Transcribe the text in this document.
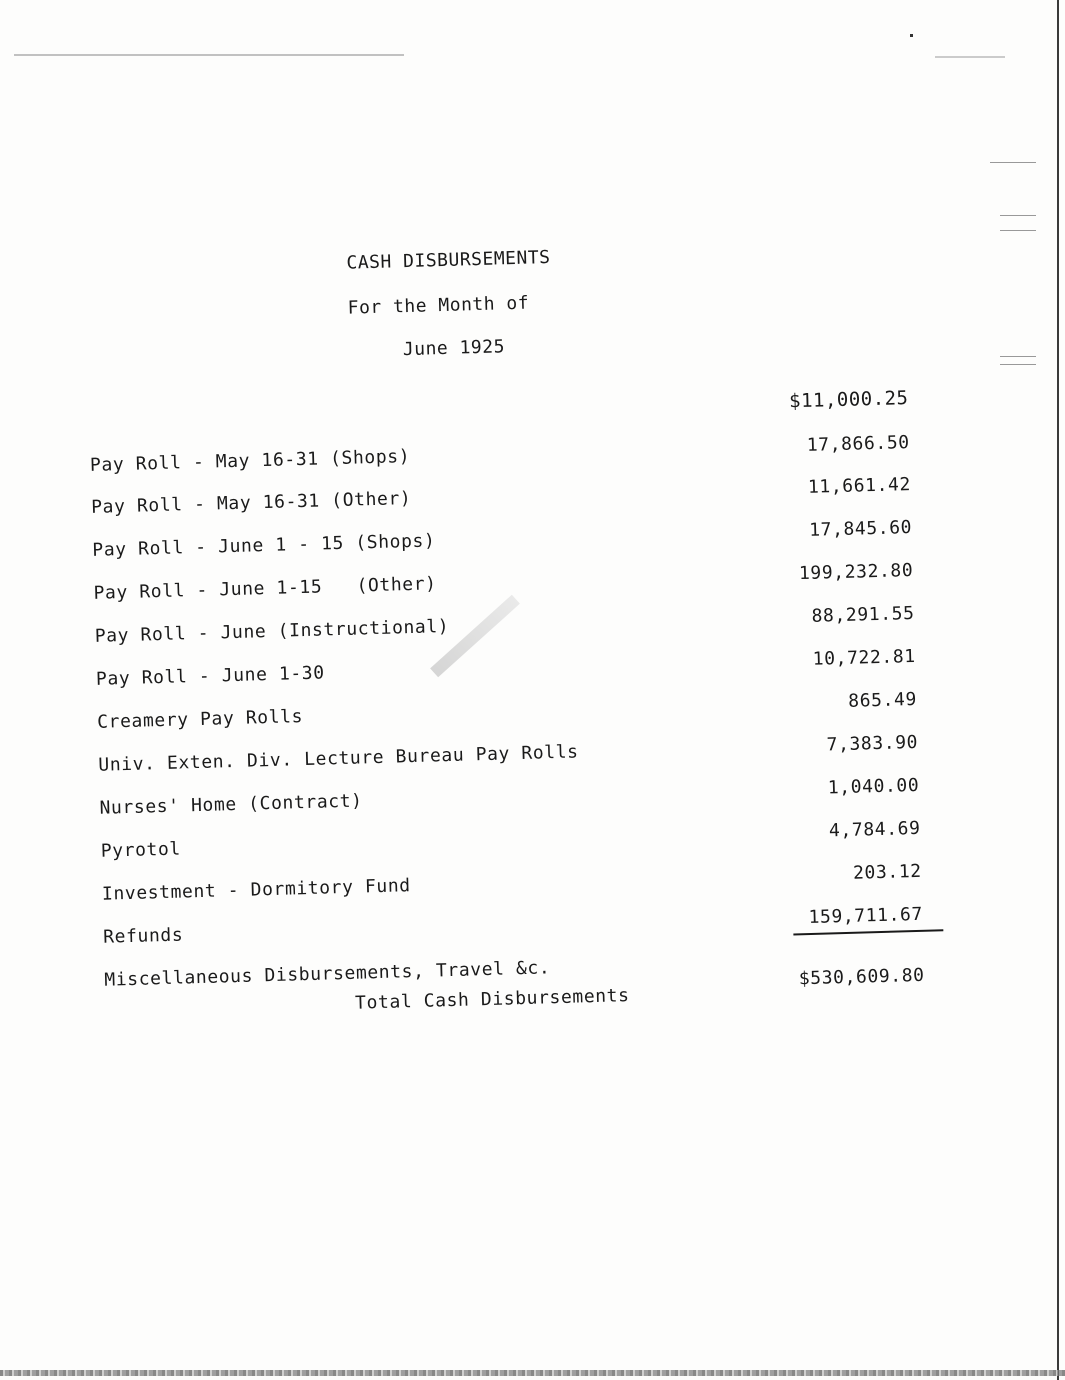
CASH DISBURSEMENTS
For the Month of
June 1925
$11,000.25
Pay Roll - May 16-31 (Shops)
17,866.50
Pay Roll - May 16-31 (Other)
11,661.42
Pay Roll - June 1 - 15 (Shops)
17,845.60
Pay Roll - June 1-15   (Other)
199,232.80
Pay Roll - June (Instructional)
88,291.55
Pay Roll - June 1-30
10,722.81
Creamery Pay Rolls
865.49
Univ. Exten. Div. Lecture Bureau Pay Rolls	7,383.90
Nurses' Home (Contract)
1,040.00
Pyrotol
4,784.69
Investment - Dormitory Fund
203.12
Refunds
159,711.67
Miscellaneous Disbursements, Travel &c.
Total Cash Disbursements
$530,609.80
